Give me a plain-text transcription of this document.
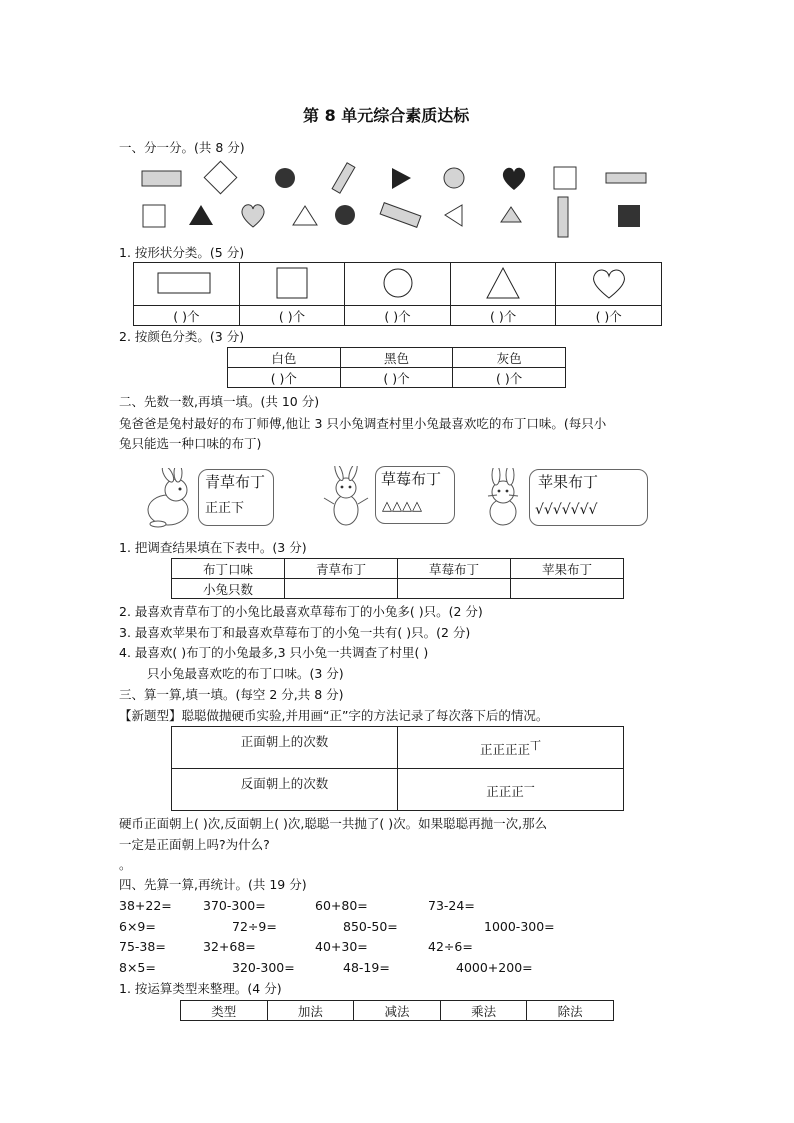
第 8 单元综合素质达标
一、分一分。(共 8 分)
1. 按形状分类。(5 分)

( )个	( )个	( )个	( )个	( )个
2. 按颜色分类。(3 分)
白色	黑色	灰色
( )个	( )个	( )个
二、先数一数,再填一填。(共 10 分)
兔爸爸是兔村最好的布丁师傅,他让 3 只小兔调查村里小兔最喜欢吃的布丁口味。(每只小
兔只能选一种口味的布丁)
青草布丁
正正下
草莓布丁
△△△△
苹果布丁
√√√√√√√
1. 把调查结果填在下表中。(3 分)
布丁口味	青草布丁	草莓布丁	苹果布丁
小兔只数			
2. 最喜欢青草布丁的小兔比最喜欢草莓布丁的小兔多( )只。(2 分)
3. 最喜欢苹果布丁和最喜欢草莓布丁的小兔一共有( )只。(2 分)
4. 最喜欢( )布丁的小兔最多,3 只小兔一共调查了村里( )
只小兔最喜欢吃的布丁口味。(3 分)
三、算一算,填一填。(每空 2 分,共 8 分)
【新题型】聪聪做抛硬币实验,并用画“正”字的方法记录了每次落下后的情况。
正面朝上的次数	正正正正$^丅$
反面朝上的次数	正正正$^一$
硬币正面朝上( )次,反面朝上( )次,聪聪一共抛了( )次。如果聪聪再抛一次,那么
一定是正面朝上吗?为什么?
。
四、先算一算,再统计。(共 19 分)
38+22= 370-300=	60+80=	73-24=
6×9=	72÷9=	850-50=	1000-300=
75-38=	32+68=	40+30=	42÷6=
8×5=	320-300=	48-19=	4000+200=
1. 按运算类型来整理。(4 分)
类型	加法	减法	乘法	除法
